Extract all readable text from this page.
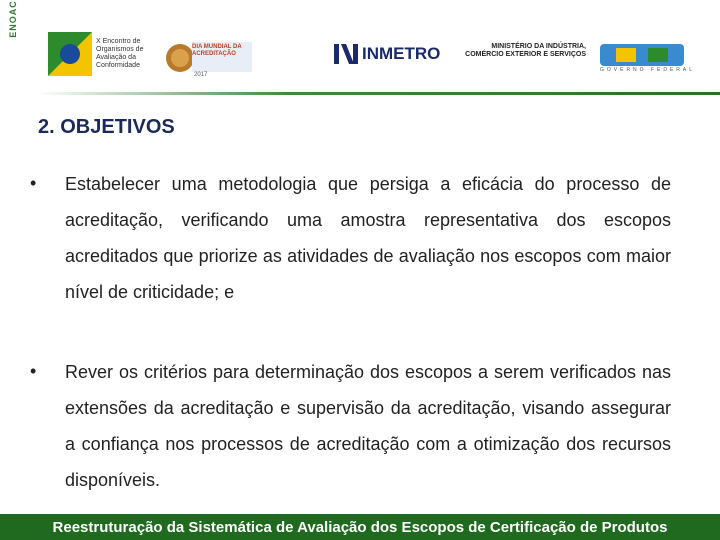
ENOAC
X Encontro de Organismos de Avaliação da Conformidade
DIA MUNDIAL DA ACREDITAÇÃO
2017
INMETRO	MINISTÉRIO DA INDÚSTRIA, COMÉRCIO EXTERIOR E SERVIÇOS
GOVERNO FEDERAL
2. OBJETIVOS
• Estabelecer uma metodologia que persiga a eficácia do processo de acreditação, verificando uma amostra representativa dos escopos acreditados que priorize as atividades de avaliação nos escopos com maior nível de criticidade; e

• Rever os critérios para determinação dos escopos a serem verificados nas extensões da acreditação e supervisão da acreditação, visando assegurar a confiança nos processos de acreditação com a otimização dos recursos disponíveis.

Reestruturação da Sistemática de Avaliação dos Escopos de Certificação de Produtos
